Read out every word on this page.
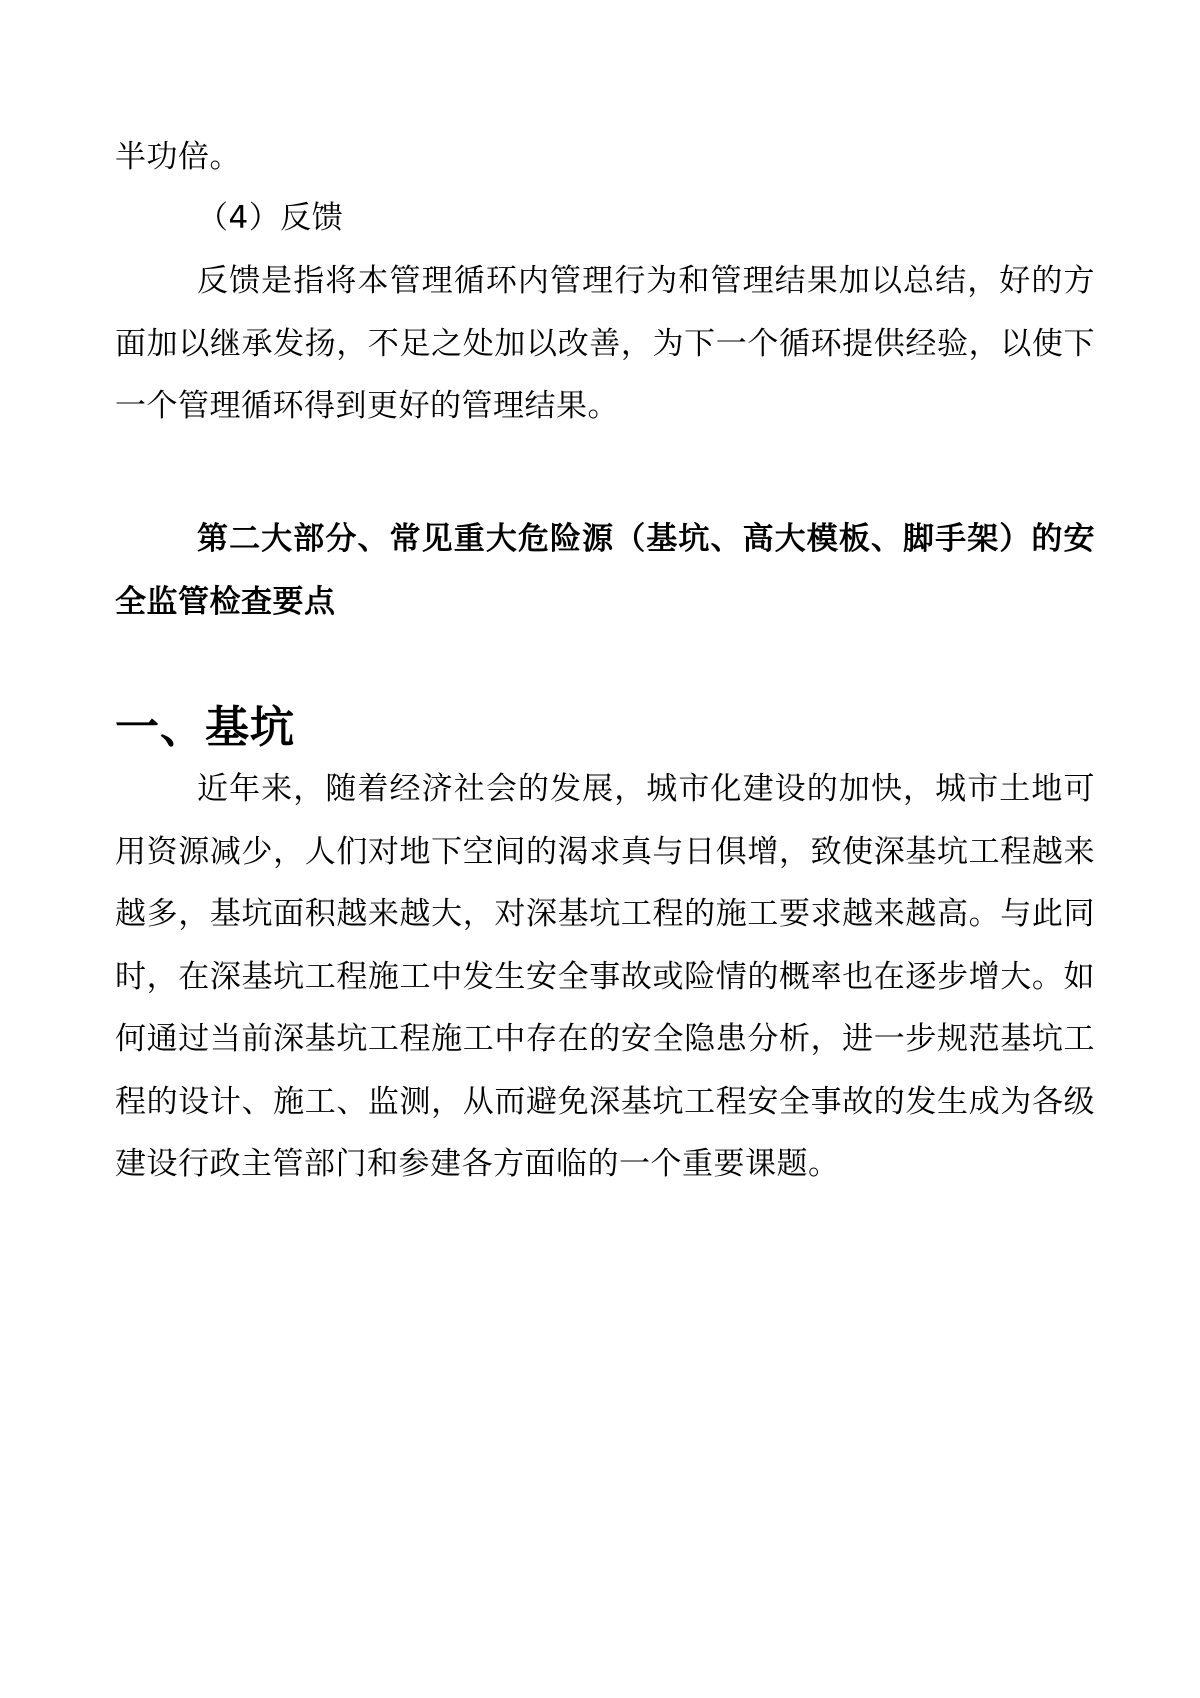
半功倍。

（4）反馈

反馈是指将本管理循环内管理行为和管理结果加以总结，好的方面加以继承发扬，不足之处加以改善，为下一个循环提供经验，以使下一个管理循环得到更好的管理结果。

第二大部分、常见重大危险源（基坑、高大模板、脚手架）的安全监管检查要点

一、基坑

近年来，随着经济社会的发展，城市化建设的加快，城市土地可用资源减少，人们对地下空间的渴求真与日俱增，致使深基坑工程越来越多，基坑面积越来越大，对深基坑工程的施工要求越来越高。与此同时，在深基坑工程施工中发生安全事故或险情的概率也在逐步增大。如何通过当前深基坑工程施工中存在的安全隐患分析，进一步规范基坑工程的设计、施工、监测，从而避免深基坑工程安全事故的发生成为各级建设行政主管部门和参建各方面临的一个重要课题。
